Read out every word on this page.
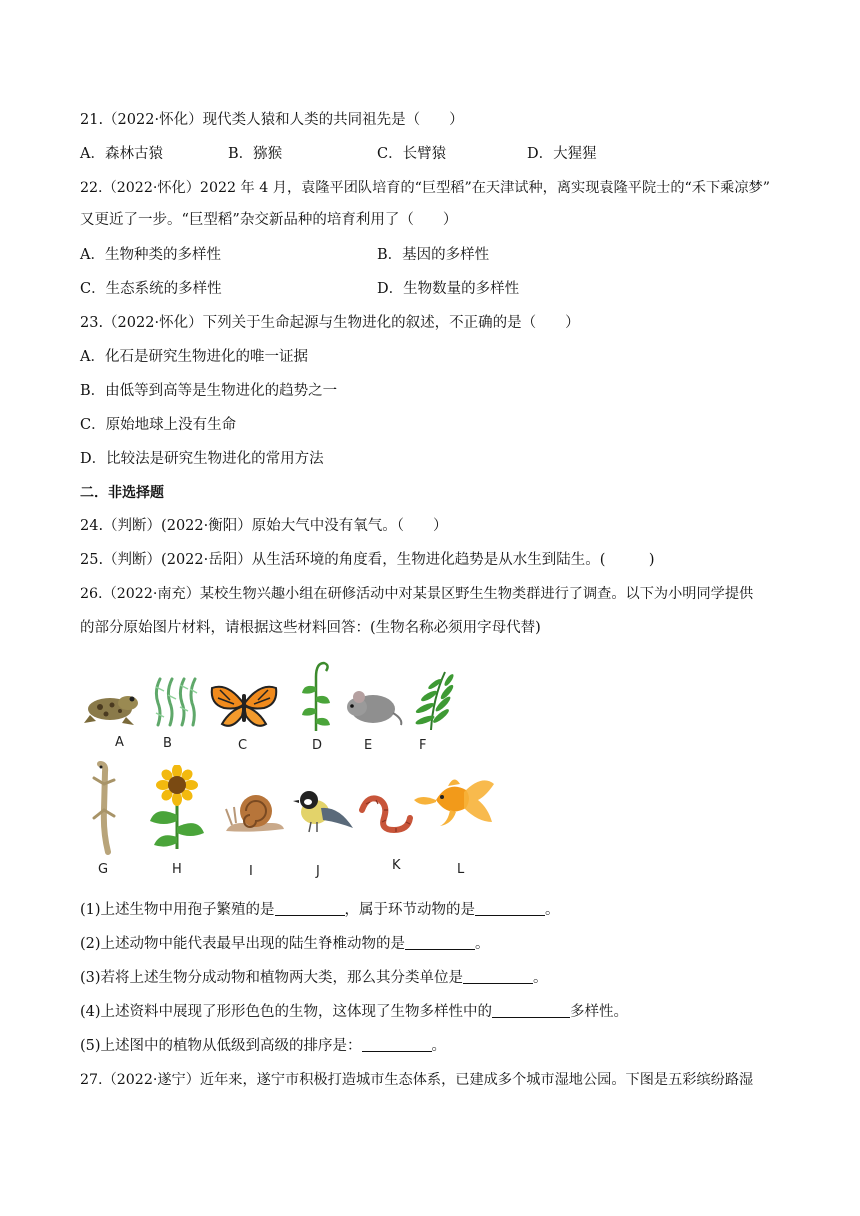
21.（2022·怀化）现代类人猿和人类的共同祖先是（　　）
A．森林古猿	B．猕猴	C．长臂猿	D．大猩猩
22.（2022·怀化）2022 年 4 月，袁隆平团队培育的“巨型稻”在天津试种，离实现袁隆平院士的“禾下乘凉梦”
又更近了一步。“巨型稻”杂交新品种的培育利用了（　　）
A．生物种类的多样性	B．基因的多样性
C．生态系统的多样性	D．生物数量的多样性
23.（2022·怀化）下列关于生命起源与生物进化的叙述，不正确的是（　　）
A．化石是研究生物进化的唯一证据
B．由低等到高等是生物进化的趋势之一
C．原始地球上没有生命
D．比较法是研究生物进化的常用方法
二．非选择题
24.（判断）(2022·衡阳）原始大气中没有氧气。（　　）
25.（判断）(2022·岳阳）从生活环境的角度看，生物进化趋势是从水生到陆生。(　　　)
26.（2022·南充）某校生物兴趣小组在研修活动中对某景区野生生物类群进行了调查。以下为小明同学提供
的部分原始图片材料，请根据这些材料回答：(生物名称必须用字母代替)
A	B	C	D	E	F
G	H	I	J	K	L
(1)上述生物中用孢子繁殖的是	，属于环节动物的是	。
(2)上述动物中能代表最早出现的陆生脊椎动物的是	。
(3)若将上述生物分成动物和植物两大类，那么其分类单位是	。
(4)上述资料中展现了形形色色的生物，这体现了生物多样性中的	多样性。
(5)上述图中的植物从低级到高级的排序是：	。
27.（2022·遂宁）近年来，遂宁市积极打造城市生态体系，已建成多个城市湿地公园。下图是五彩缤纷路湿
